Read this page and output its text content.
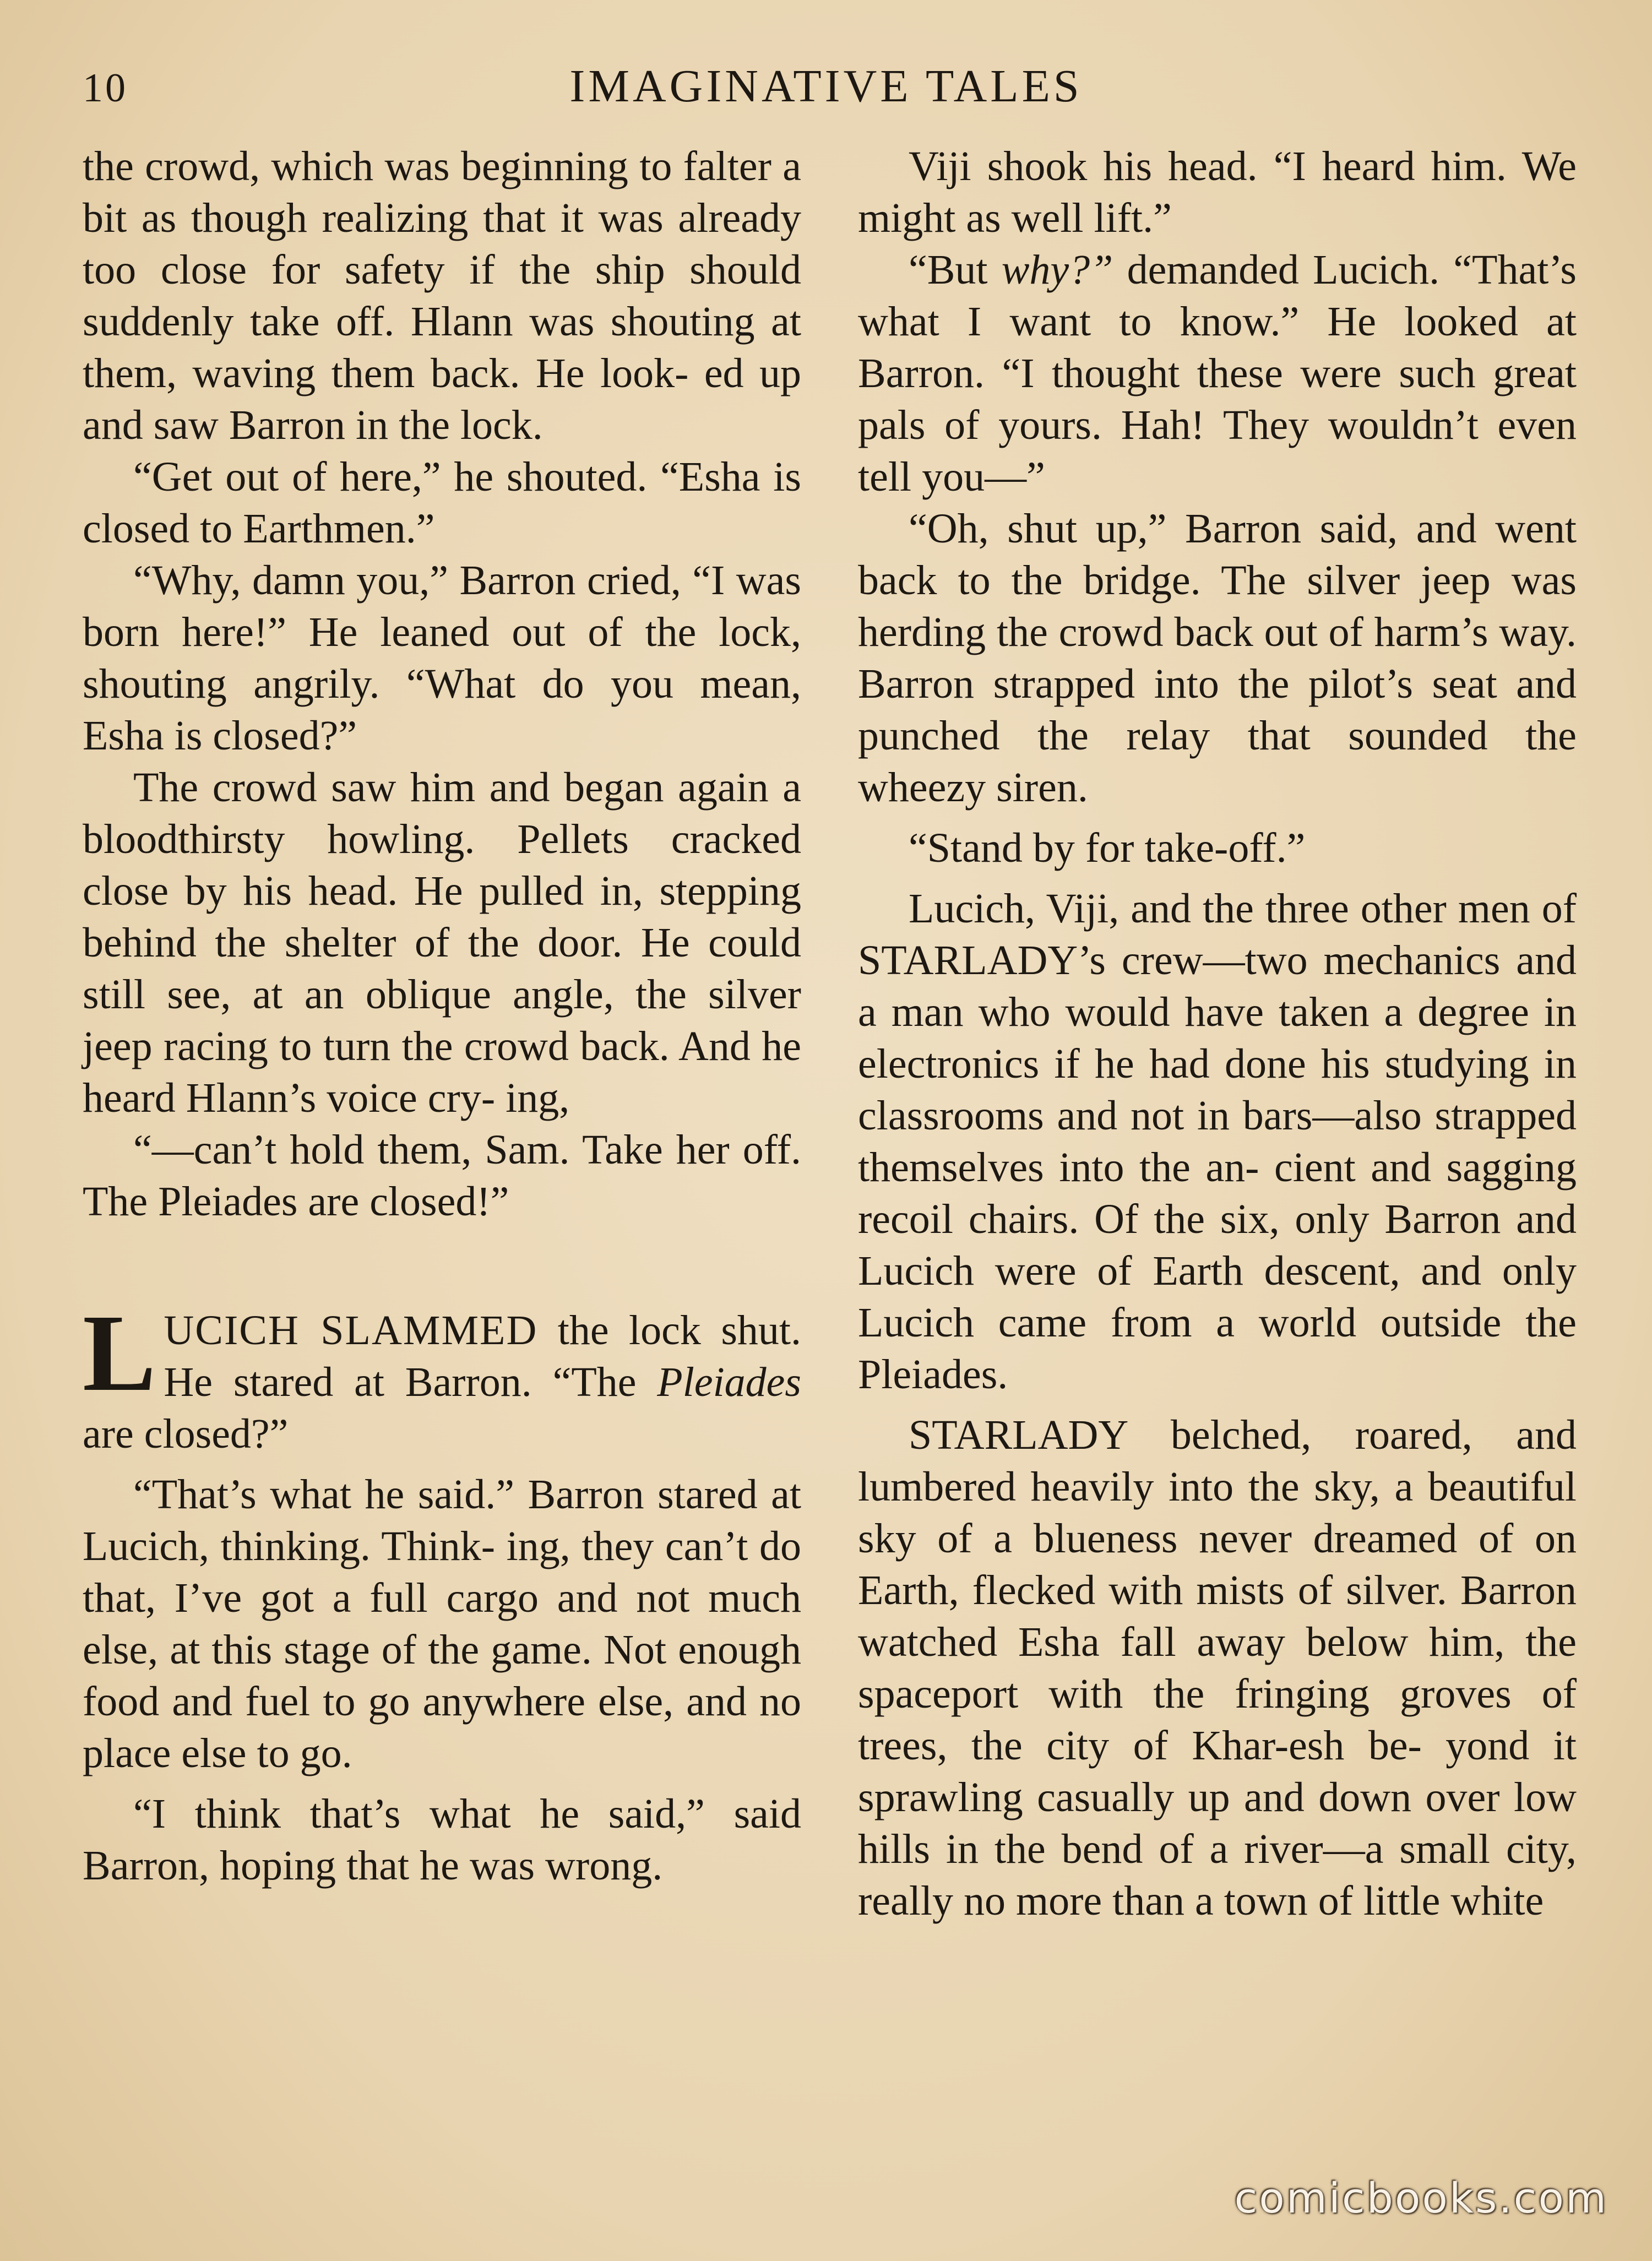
10	IMAGINATIVE TALES

the crowd, which was beginning to falter a bit as though realizing that it was already too close for safety if the ship should suddenly take off. Hlann was shouting at them, waving them back. He look- ed up and saw Barron in the lock.

“Get out of here,” he shouted. “Esha is closed to Earthmen.”

“Why, damn you,” Barron cried, “I was born here!” He leaned out of the lock, shouting angrily. “What do you mean, Esha is closed?”

The crowd saw him and began again a bloodthirsty howling. Pellets cracked close by his head. He pulled in, stepping behind the shelter of the door. He could still see, at an oblique angle, the silver jeep racing to turn the crowd back. And he heard Hlann’s voice cry- ing,

“—can’t hold them, Sam. Take her off. The Pleiades are closed!”

LUCICH SLAMMED the lock shut. He stared at Barron. “The Pleiades are closed?”

“That’s what he said.” Barron stared at Lucich, thinking. Think- ing, they can’t do that, I’ve got a full cargo and not much else, at this stage of the game. Not enough food and fuel to go anywhere else, and no place else to go.

“I think that’s what he said,” said Barron, hoping that he was wrong.

Viji shook his head. “I heard him. We might as well lift.”

“But why?” demanded Lucich. “That’s what I want to know.” He looked at Barron. “I thought these were such great pals of yours. Hah! They wouldn’t even tell you—”

“Oh, shut up,” Barron said, and went back to the bridge. The silver jeep was herding the crowd back out of harm’s way. Barron strapped into the pilot’s seat and punched the relay that sounded the wheezy siren.

“Stand by for take-off.”

Lucich, Viji, and the three other men of STARLADY’s crew—two mechanics and a man who would have taken a degree in electronics if he had done his studying in classrooms and not in bars—also strapped themselves into the an- cient and sagging recoil chairs. Of the six, only Barron and Lucich were of Earth descent, and only Lucich came from a world outside the Pleiades.

STARLADY belched, roared, and lumbered heavily into the sky, a beautiful sky of a blueness never dreamed of on Earth, flecked with mists of silver. Barron watched Esha fall away below him, the spaceport with the fringing groves of trees, the city of Khar-esh be- yond it sprawling casually up and down over low hills in the bend of a river—a small city, really no more than a town of little white

comicbooks.com
